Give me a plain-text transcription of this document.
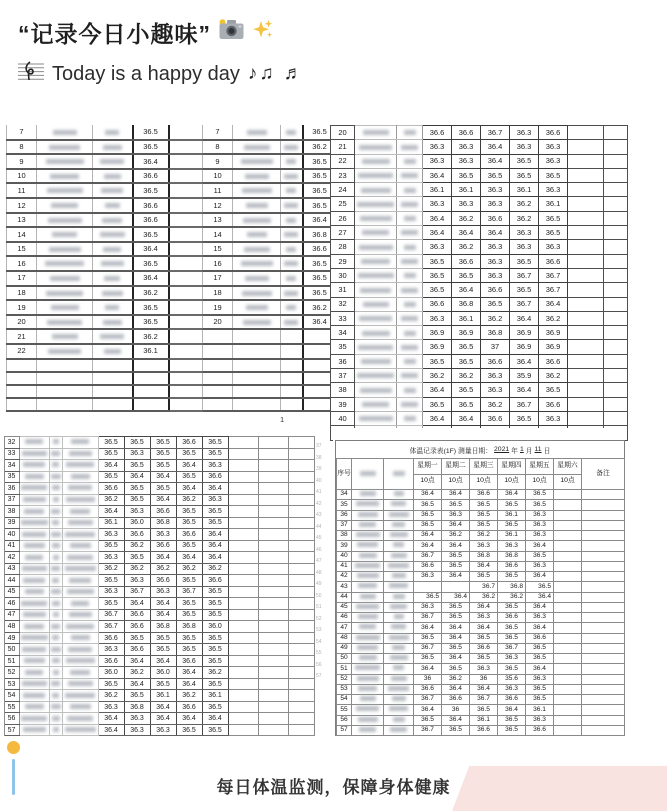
“记录今日小趣味”
Today is a happy day ♪♫ ♬
7			36.5		7			36.5
8			36.5		8			36.2
9			36.4		9			36.5
10			36.6		10			36.5
11			36.5		11			36.5
12			36.6		12			36.5
13			36.6		13			36.4
14			36.5		14			36.8
15			36.4		15			36.6
16			36.5		16			36.5
17			36.4		17			36.5
18			36.2		18			36.5
19			36.5		19			36.2
20			36.5		20			36.4
21			36.2					
22			36.1					

1
20			36.6	36.6	36.7	36.3	36.6		
21			36.3	36.3	36.4	36.3	36.3		
22			36.3	36.3	36.4	36.5	36.3		
23			36.4	36.5	36.5	36.5	36.5		
24			36.1	36.1	36.3	36.1	36.3		
25			36.3	36.3	36.3	36.2	36.1		
26			36.4	36.2	36.6	36.2	36.5		
27			36.4	36.4	36.4	36.3	36.5		
28			36.3	36.2	36.3	36.3	36.3		
29			36.5	36.6	36.3	36.5	36.6		
30			36.5	36.5	36.3	36.7	36.7		
31			36.5	36.4	36.6	36.5	36.7		
32			36.6	36.8	36.5	36.7	36.4		
33			36.3	36.1	36.2	36.4	36.2		
34			36.9	36.9	36.8	36.9	36.9		
35			36.9	36.5	37	36.9	36.9		
36			36.5	36.5	36.6	36.4	36.6		
37			36.2	36.2	36.3	35.9	36.2		
38			36.4	36.5	36.3	36.4	36.5		
39			36.5	36.5	36.2	36.7	36.6		
40			36.4	36.4	36.6	36.5	36.3		

	32				36.5	36.5	36.5	36.6	36.5			
	33				36.5	36.3	36.5	36.5	36.5			
	34				36.4	36.5	36.5	36.4	36.3			
	35				36.5	36.4	36.4	36.5	36.6			
	36				36.6	36.5	36.5	36.4	36.4			
	37				36.2	36.5	36.4	36.2	36.3			
	38				36.4	36.3	36.6	36.5	36.5			
	39				36.1	36.0	36.8	36.5	36.5			
	40				36.3	36.6	36.3	36.6	36.4			
	41				36.5	36.2	36.6	36.5	36.4			
	42				36.3	36.5	36.4	36.4	36.4			
	43				36.2	36.2	36.2	36.2	36.2			
	44				36.5	36.3	36.6	36.5	36.6			
	45				36.3	36.7	36.3	36.7	36.5			
	46				36.5	36.4	36.4	36.5	36.5			
	47				36.7	36.6	36.4	36.5	36.5			
	48				36.7	36.6	36.8	36.8	36.0			
	49				36.6	36.5	36.5	36.5	36.5			
	50				36.3	36.6	36.5	36.5	36.5			
	51				36.6	36.4	36.4	36.6	36.5			
	52				36.0	36.2	36.0	36.4	36.2			
	53				36.5	36.4	36.5	36.4	36.5			
	54				36.2	36.5	36.1	36.2	36.1			
	55				36.3	36.8	36.4	36.6	36.5			
	56				36.4	36.3	36.4	36.4	36.4			
	57				36.4	36.3	36.3	36.5	36.5			
37
38
39
40
41
42
43
44
45
46
47
48
49
50
51
52
53
54
55
56
57
体温记录表(1F) 测量日期： 2021 年 1 月 11 日
序号			星期一	星期二	星期三	星期四	星期五	星期六	备注
			10点	10点	10点	10点	10点	10点	
34			36.4	36.4	36.6	36.4	36.5		
35			36.5	36.5	36.5	36.5	36.5		
36			36.5	36.3	36.5	36.1	36.3		
37			36.5	36.4	36.5	36.5	36.3		
38			36.4	36.2	36.2	36.1	36.3		
39			36.4	36.4	36.3	36.3	36.4		
40			36.7	36.5	36.8	36.8	36.5		
41			36.6	36.5	36.4	36.6	36.3		
42			36.3	36.4	36.5	36.5	36.4		
43					36.7	36.8	36.5		
44			36.5	36.4	36.2	36.2	36.4		
45			36.3	36.5	36.4	36.5	36.4		
46			36.7	36.5	36.3	36.6	36.3		
47			36.4	36.4	36.4	36.5	36.4		
48			36.5	36.4	36.5	36.5	36.6		
49			36.7	36.5	36.6	36.7	36.5		
50			36.5	36.4	36.5	36.3	36.5		
51			36.4	36.5	36.3	36.5	36.4		
52			36	36.2	36	35.6	36.3		
53			36.6	36.4	36.4	36.3	36.5		
54			36.7	36.6	36.7	36.6	36.5		
55			36.4	36	36.5	36.4	36.1		
56			36.5	36.4	36.1	36.5	36.3		
57			36.7	36.5	36.6	36.5	36.6		
每日体温监测，保障身体健康
